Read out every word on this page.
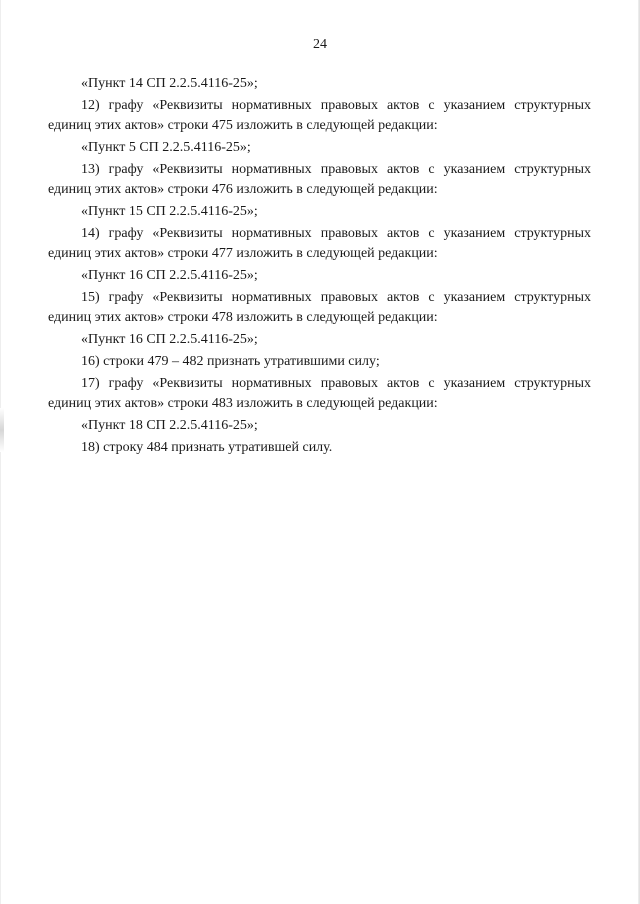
24

«Пункт 14 СП 2.2.5.4116-25»;

12) графу «Реквизиты нормативных правовых актов с указанием структурных единиц этих актов» строки 475 изложить в следующей редакции:

«Пункт 5 СП 2.2.5.4116-25»;

13) графу «Реквизиты нормативных правовых актов с указанием структурных единиц этих актов» строки 476 изложить в следующей редакции:

«Пункт 15 СП 2.2.5.4116-25»;

14) графу «Реквизиты нормативных правовых актов с указанием структурных единиц этих актов» строки 477 изложить в следующей редакции:

«Пункт 16 СП 2.2.5.4116-25»;

15) графу «Реквизиты нормативных правовых актов с указанием структурных единиц этих актов» строки 478 изложить в следующей редакции:

«Пункт 16 СП 2.2.5.4116-25»;

16) строки 479 – 482 признать утратившими силу;

17) графу «Реквизиты нормативных правовых актов с указанием структурных единиц этих актов» строки 483 изложить в следующей редакции:

«Пункт 18 СП 2.2.5.4116-25»;

18) строку 484 признать утратившей силу.
